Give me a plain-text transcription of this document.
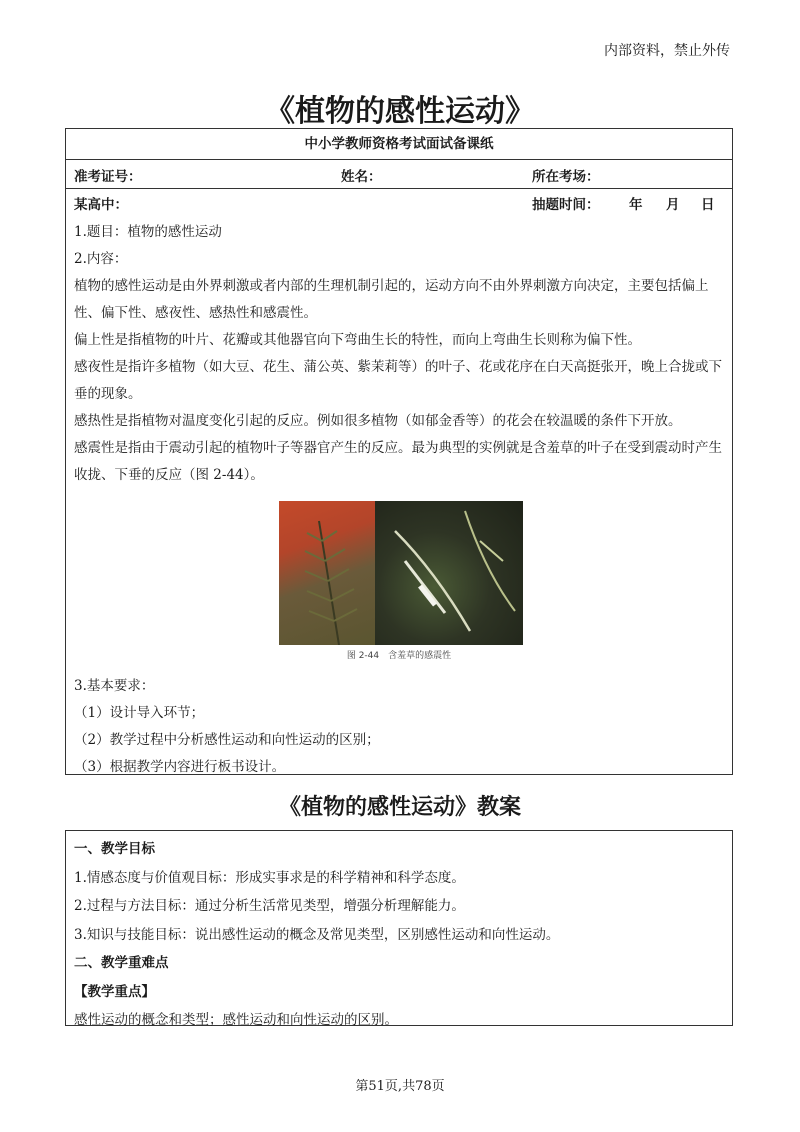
内部资料，禁止外传
《植物的感性运动》
中小学教师资格考试面试备课纸
准考证号：	姓名：	所在考场：
某高中：	抽题时间： 年 月 日

1.题目：植物的感性运动

2.内容：

植物的感性运动是由外界刺激或者内部的生理机制引起的，运动方向不由外界刺激方向决定，主要包括偏上性、偏下性、感夜性、感热性和感震性。

偏上性是指植物的叶片、花瓣或其他器官向下弯曲生长的特性，而向上弯曲生长则称为偏下性。

感夜性是指许多植物（如大豆、花生、蒲公英、紫茉莉等）的叶子、花或花序在白天高挺张开，晚上合拢或下垂的现象。

感热性是指植物对温度变化引起的反应。例如很多植物（如郁金香等）的花会在较温暖的条件下开放。

感震性是指由于震动引起的植物叶子等器官产生的反应。最为典型的实例就是含羞草的叶子在受到震动时产生收拢、下垂的反应（图 2-44）。

图 2-44　含羞草的感震性

3.基本要求：

（1）设计导入环节；

（2）教学过程中分析感性运动和向性运动的区别；

（3）根据教学内容进行板书设计。

《植物的感性运动》教案

一、教学目标

1.情感态度与价值观目标：形成实事求是的科学精神和科学态度。

2.过程与方法目标：通过分析生活常见类型，增强分析理解能力。

3.知识与技能目标：说出感性运动的概念及常见类型，区别感性运动和向性运动。

二、教学重难点

【教学重点】

感性运动的概念和类型；感性运动和向性运动的区别。

第51页,共78页
